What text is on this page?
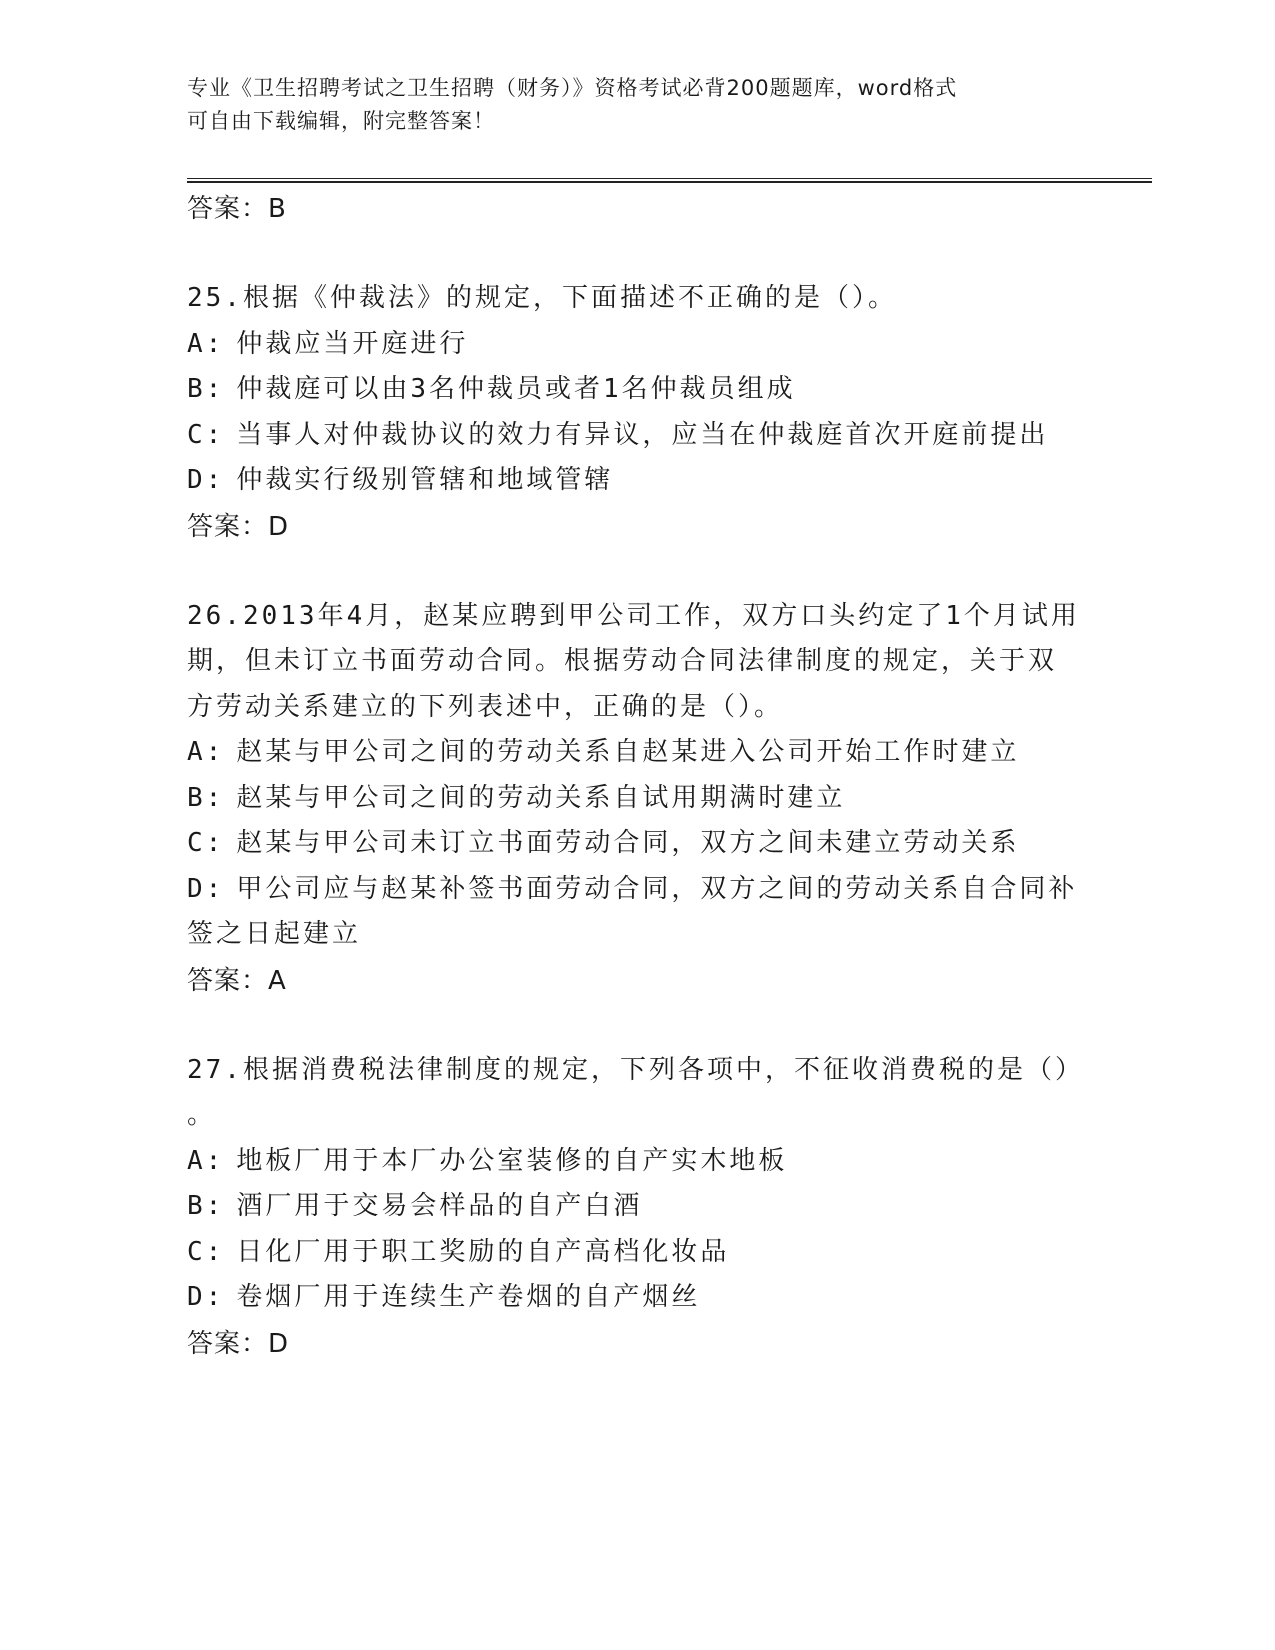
专业《卫生招聘考试之卫生招聘（财务）》资格考试必背200题题库，word格式
可自由下载编辑，附完整答案！
答案：B
25.根据《仲裁法》的规定，下面描述不正确的是（）。
A: 仲裁应当开庭进行
B: 仲裁庭可以由3名仲裁员或者1名仲裁员组成
C: 当事人对仲裁协议的效力有异议，应当在仲裁庭首次开庭前提出
D: 仲裁实行级别管辖和地域管辖
答案：D
26.2013年4月，赵某应聘到甲公司工作，双方口头约定了1个月试用
期，但未订立书面劳动合同。根据劳动合同法律制度的规定，关于双
方劳动关系建立的下列表述中，正确的是（）。
A: 赵某与甲公司之间的劳动关系自赵某进入公司开始工作时建立
B: 赵某与甲公司之间的劳动关系自试用期满时建立
C: 赵某与甲公司未订立书面劳动合同，双方之间未建立劳动关系
D: 甲公司应与赵某补签书面劳动合同，双方之间的劳动关系自合同补
签之日起建立
答案：A
27.根据消费税法律制度的规定，下列各项中，不征收消费税的是（）
。
A: 地板厂用于本厂办公室装修的自产实木地板
B: 酒厂用于交易会样品的自产白酒
C: 日化厂用于职工奖励的自产高档化妆品
D: 卷烟厂用于连续生产卷烟的自产烟丝
答案：D
